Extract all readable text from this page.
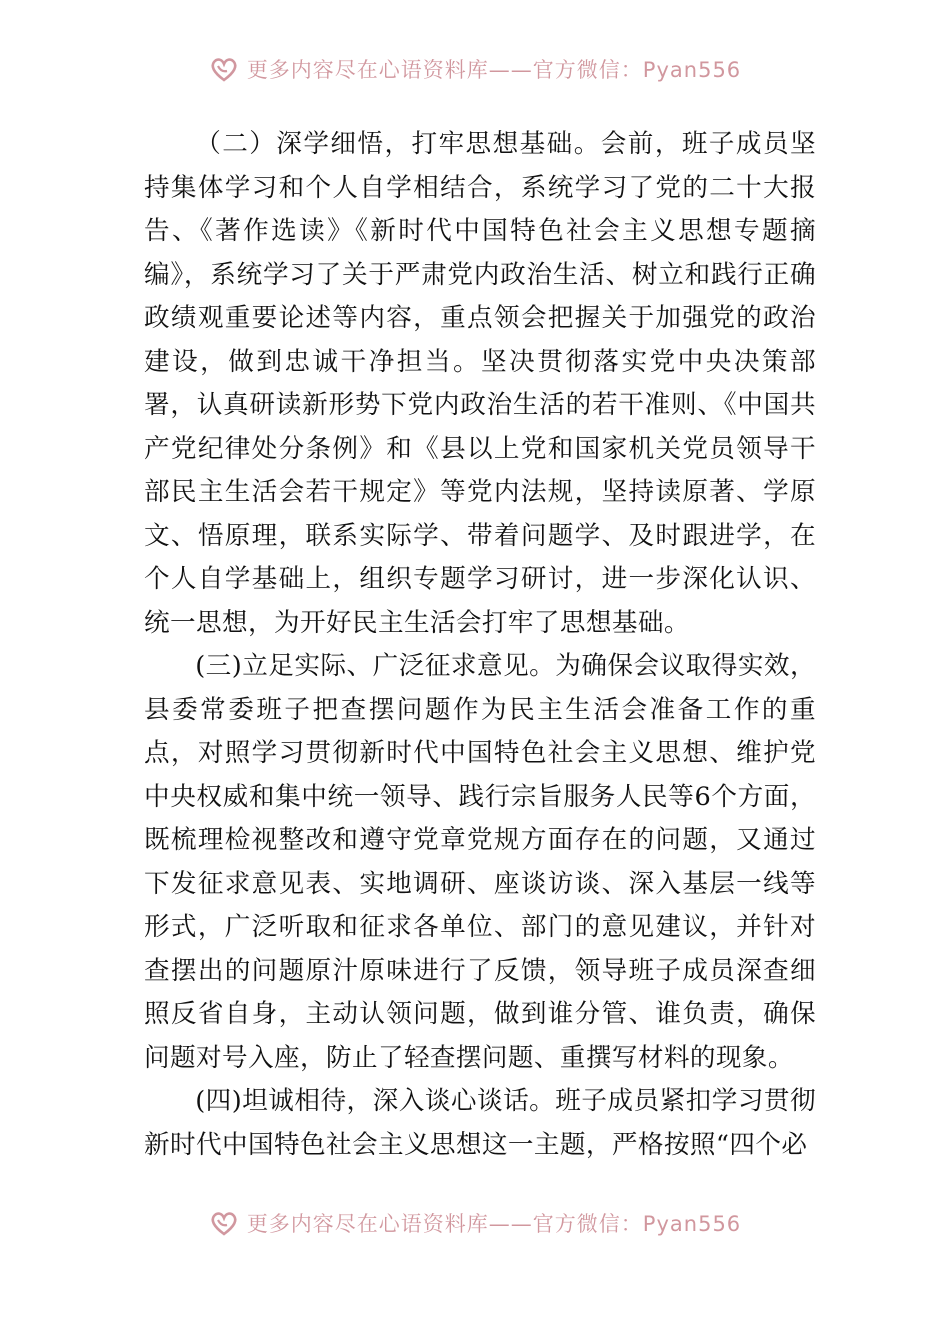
更多内容尽在心语资料库——官方微信：Pyan556

（二）深学细悟，打牢思想基础。会前，班子成员坚持集体学习和个人自学相结合，系统学习了党的二十大报告、《著作选读》《新时代中国特色社会主义思想专题摘编》，系统学习了关于严肃党内政治生活、树立和践行正确政绩观重要论述等内容，重点领会把握关于加强党的政治建设，做到忠诚干净担当。坚决贯彻落实党中央决策部署，认真研读新形势下党内政治生活的若干准则、《中国共产党纪律处分条例》和《县以上党和国家机关党员领导干部民主生活会若干规定》等党内法规，坚持读原著、学原文、悟原理，联系实际学、带着问题学、及时跟进学，在个人自学基础上，组织专题学习研讨，进一步深化认识、统一思想，为开好民主生活会打牢了思想基础。

(三)立足实际、广泛征求意见。为确保会议取得实效，县委常委班子把查摆问题作为民主生活会准备工作的重点，对照学习贯彻新时代中国特色社会主义思想、维护党中央权威和集中统一领导、践行宗旨服务人民等6个方面，既梳理检视整改和遵守党章党规方面存在的问题，又通过下发征求意见表、实地调研、座谈访谈、深入基层一线等形式，广泛听取和征求各单位、部门的意见建议，并针对查摆出的问题原汁原味进行了反馈，领导班子成员深查细照反省自身，主动认领问题，做到谁分管、谁负责，确保问题对号入座，防止了轻查摆问题、重撰写材料的现象。

(四)坦诚相待，深入谈心谈话。班子成员紧扣学习贯彻新时代中国特色社会主义思想这一主题，严格按照“四个必

更多内容尽在心语资料库——官方微信：Pyan556
